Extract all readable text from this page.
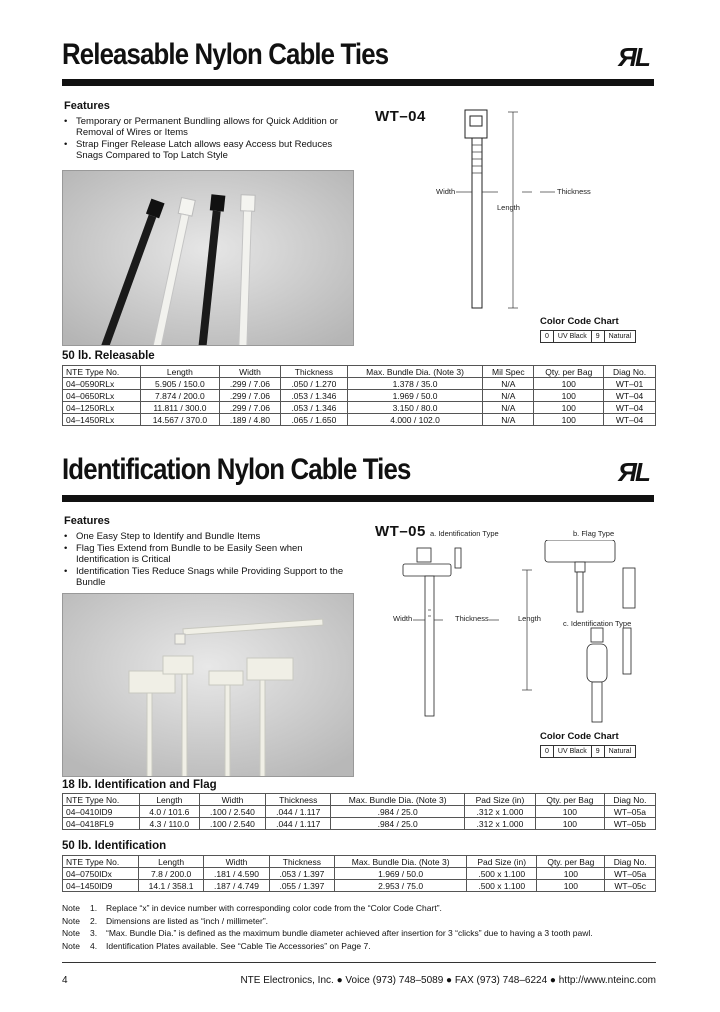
Releasable Nylon Cable Ties	ЯL
Features
• Temporary or Permanent Bundling allows for Quick Addition or Removal of Wires or Items
• Strap Finger Release Latch allows easy Access but Reduces Snags Compared to Top Latch Style
WT–04
Width
Length
Thickness
Color Code Chart
0	UV Black	9	Natural
50 lb. Releasable
NTE Type No.	Length	Width	Thickness	Max. Bundle Dia. (Note 3)	Mil Spec	Qty. per Bag	Diag No.
04–0590RLx	5.905 / 150.0	.299 / 7.06	.050 / 1.270	1.378 / 35.0	N/A	100	WT–01
04–0650RLx	7.874 / 200.0	.299 / 7.06	.053 / 1.346	1.969 / 50.0	N/A	100	WT–04
04–1250RLx	11.811 / 300.0	.299 / 7.06	.053 / 1.346	3.150 / 80.0	N/A	100	WT–04
04–1450RLx	14.567 / 370.0	.189 / 4.80	.065 / 1.650	4.000 / 102.0	N/A	100	WT–04
Identification Nylon Cable Ties	ЯL
Features
• One Easy Step to Identify and Bundle Items
• Flag Ties Extend from Bundle to be Easily Seen when Identification is Critical
• Identification Ties Reduce Snags while Providing Support to the Bundle
WT–05 a. Identification Type	b. Flag Type
c. Identification Type
Width	Thickness	Length
Color Code Chart
0	UV Black	9	Natural
18 lb. Identification and Flag
NTE Type No.	Length	Width	Thickness	Max. Bundle Dia. (Note 3)	Pad Size (in)	Qty. per Bag	Diag No.
04–0410ID9	4.0 / 101.6	.100 / 2.540	.044 / 1.117	.984 / 25.0	.312 x 1.000	100	WT–05a
04–0418FL9	4.3 / 110.0	.100 / 2.540	.044 / 1.117	.984 / 25.0	.312 x 1.000	100	WT–05b
50 lb. Identification
NTE Type No.	Length	Width	Thickness	Max. Bundle Dia. (Note 3)	Pad Size (in)	Qty. per Bag	Diag No.
04–0750IDx	7.8 / 200.0	.181 / 4.590	.053 / 1.397	1.969 / 50.0	.500 x 1.100	100	WT–05a
04–1450ID9	14.1 / 358.1	.187 / 4.749	.055 / 1.397	2.953 / 75.0	.500 x 1.100	100	WT–05c
Note 1. Replace “x” in device number with corresponding color code from the “Color Code Chart”.
Note 2. Dimensions are listed as “inch / millimeter”.
Note 3. “Max. Bundle Dia.” is defined as the maximum bundle diameter achieved after insertion for 3 “clicks” due to having a 3 tooth pawl.
Note 4. Identification Plates available. See “Cable Tie Accessories” on Page 7.
4	NTE Electronics, Inc. ● Voice (973) 748–5089 ● FAX (973) 748–6224 ● http://www.nteinc.com
